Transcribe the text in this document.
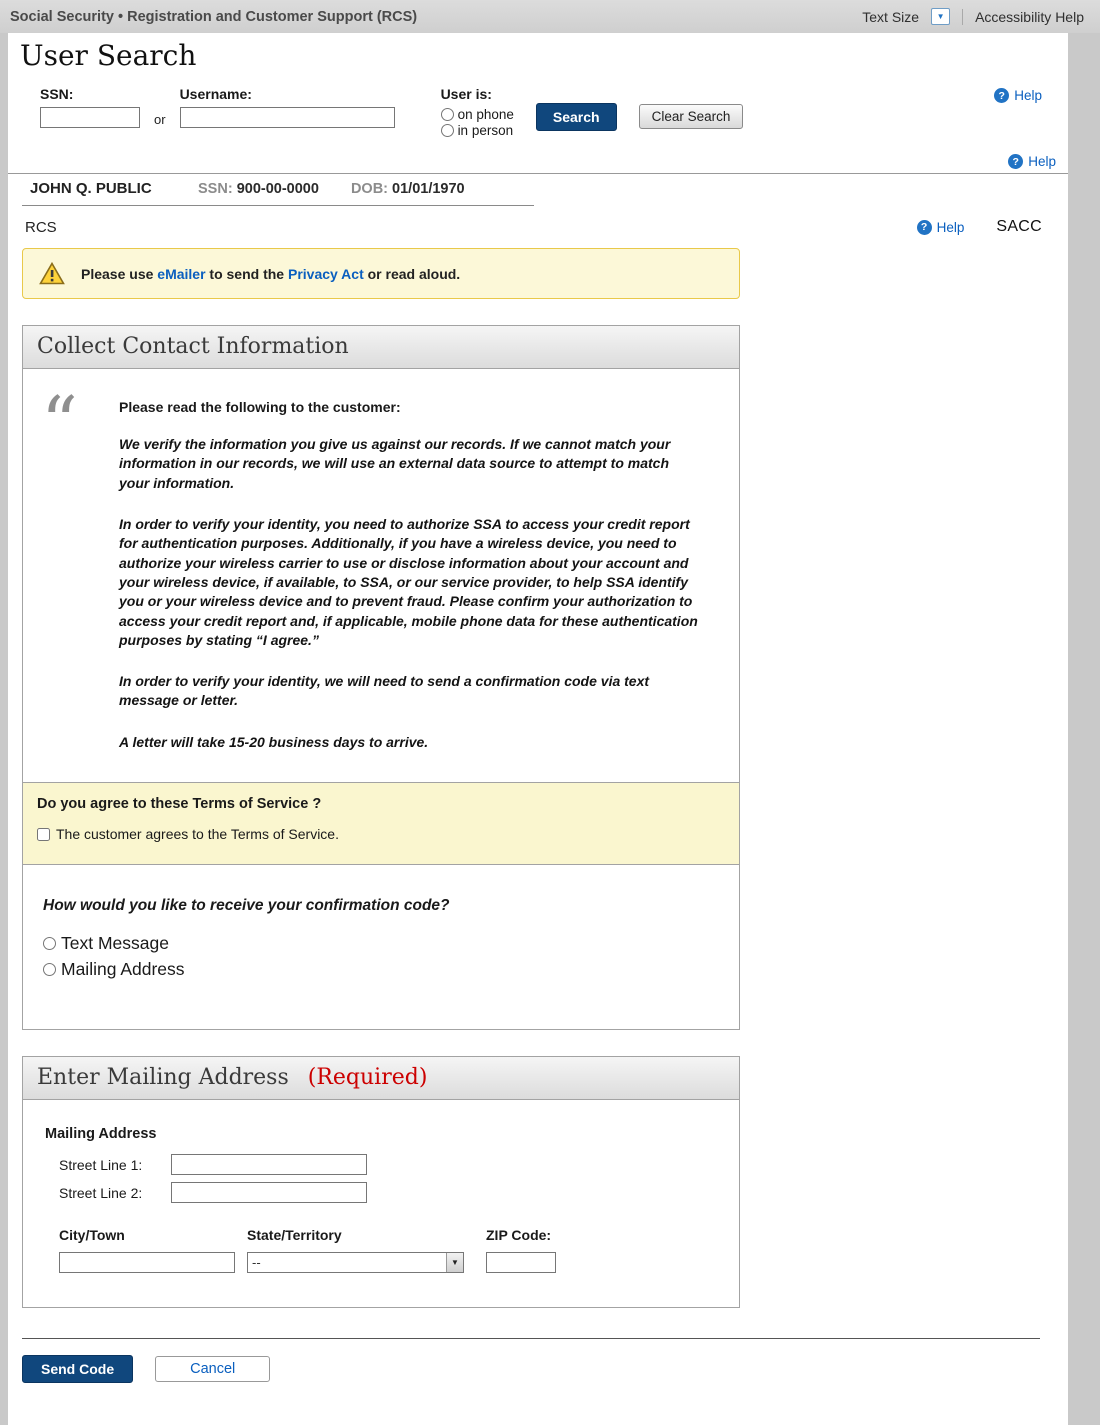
Social Security • Registration and Customer Support (RCS)	Text Size ▼ Accessibility Help
User Search
SSN:
or
Username:	User is:
on phone
in person
Search	Clear Search
? Help
? Help
JOHN Q. PUBLIC	SSN: 900-00-0000 DOB: 01/01/1970
RCS	? Help SACC

Please use eMailer to send the Privacy Act or read aloud.

Collect Contact Information
“	Please read the following to the customer:

We verify the information you give us against our records. If we cannot match your information in our records, we will use an external data source to attempt to match your information.

In order to verify your identity, you need to authorize SSA to access your credit report for authentication purposes. Additionally, if you have a wireless device, you need to authorize your wireless carrier to use or disclose information about your account and your wireless device, if available, to SSA, or our service provider, to help SSA identify you or your wireless device and to prevent fraud. Please confirm your authorization to access your credit report and, if applicable, mobile phone data for these authentication purposes by stating “I agree.”

In order to verify your identity, we will need to send a confirmation code via text message or letter.

A letter will take 15-20 business days to arrive.

Do you agree to these Terms of Service ?

The customer agrees to the Terms of Service.

How would you like to receive your confirmation code?

Text Message
Mailing Address
Enter Mailing Address (Required)

Mailing Address

Street Line 1:
Street Line 2:
City/Town	State/Territory
--	▼
ZIP Code:
Send Code	Cancel
